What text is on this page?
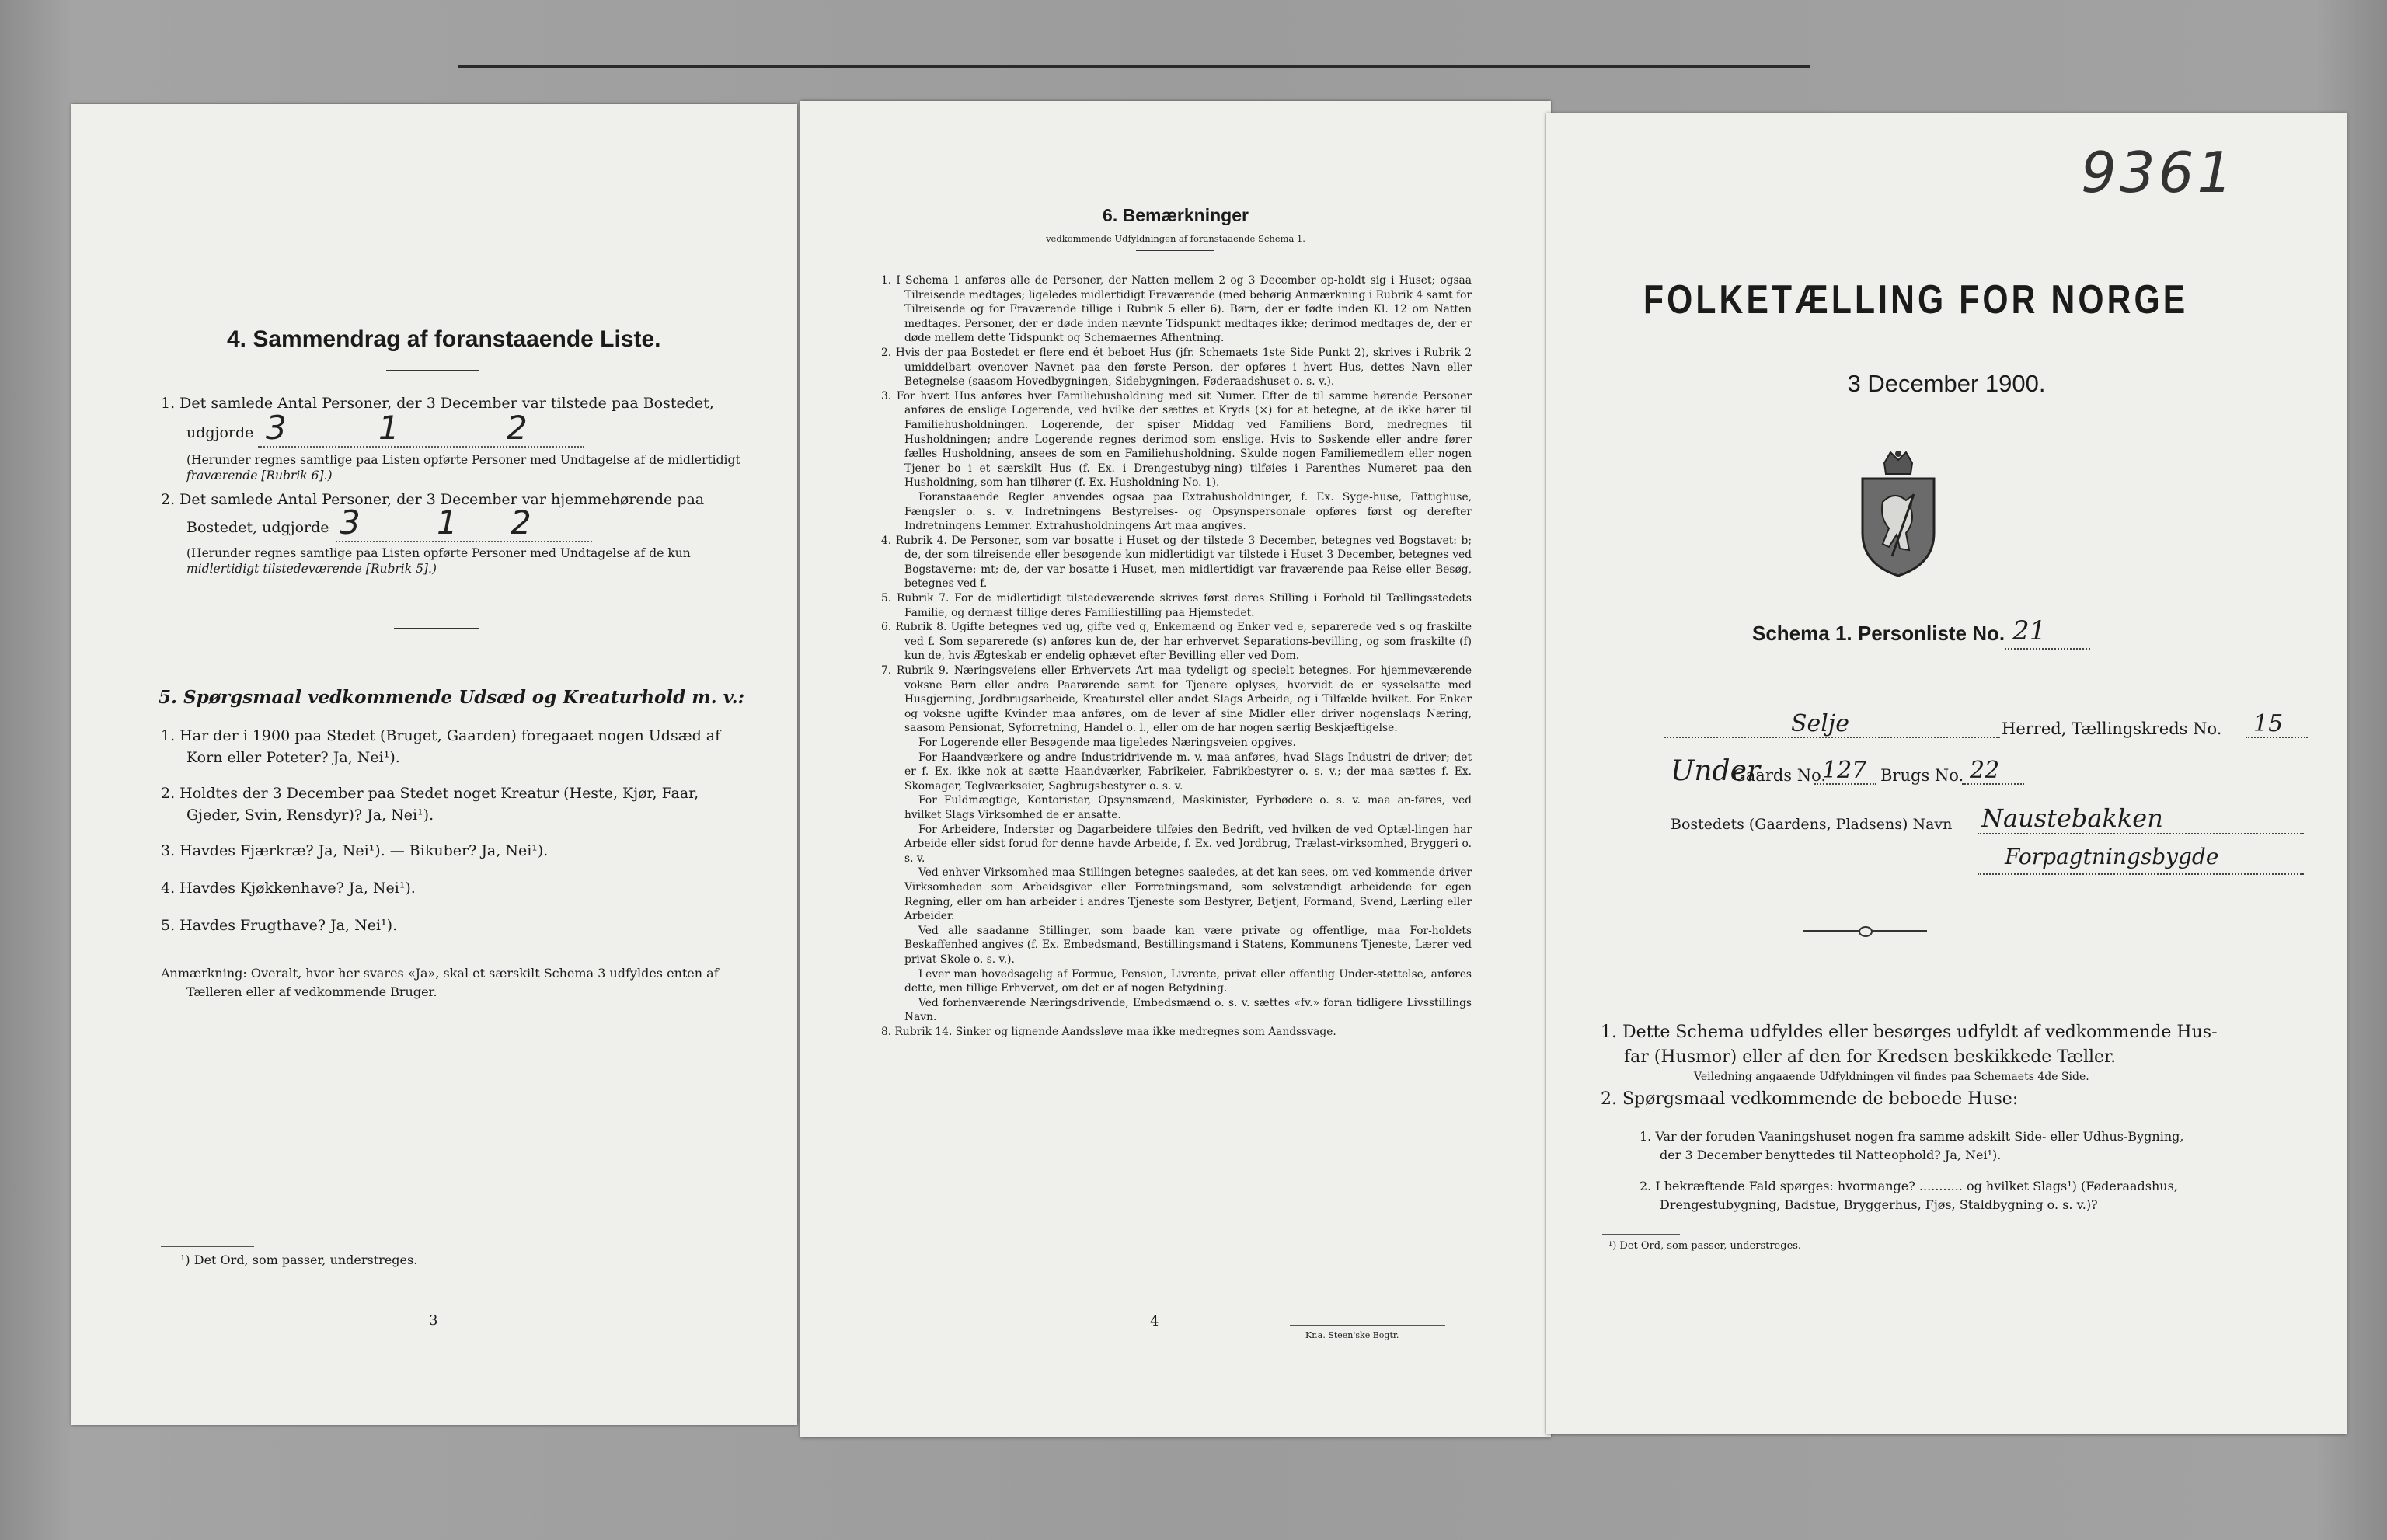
4. Sammendrag af foranstaaende Liste.
1. Det samlede Antal Personer, der 3 December var tilstede paa Bostedet,
udgjorde 3	1	2
(Herunder regnes samtlige paa Listen opførte Personer med Undtagelse af de midlertidigt
fraværende [Rubrik 6].)
2. Det samlede Antal Personer, der 3 December var hjemmehørende paa
Bostedet, udgjorde 3 1 2
(Herunder regnes samtlige paa Listen opførte Personer med Undtagelse af de kun
midlertidigt tilstedeværende [Rubrik 5].)
5. Spørgsmaal vedkommende Udsæd og Kreaturhold m. v.:
1. Har der i 1900 paa Stedet (Bruget, Gaarden) foregaaet nogen Udsæd af
Korn eller Poteter? Ja, Nei¹).
2. Holdtes der 3 December paa Stedet noget Kreatur (Heste, Kjør, Faar,
Gjeder, Svin, Rensdyr)? Ja, Nei¹).
3. Havdes Fjærkræ? Ja, Nei¹). — Bikuber? Ja, Nei¹).
4. Havdes Kjøkkenhave? Ja, Nei¹).
5. Havdes Frugthave? Ja, Nei¹).
Anmærkning: Overalt, hvor her svares «Ja», skal et særskilt Schema 3 udfyldes enten af
Tælleren eller af vedkommende Bruger.
¹) Det Ord, som passer, understreges.
3
6. Bemærkninger
vedkommende Udfyldningen af foranstaaende Schema 1.

1. I Schema 1 anføres alle de Personer, der Natten mellem 2 og 3 December op-holdt sig i Huset; ogsaa Tilreisende medtages; ligeledes midlertidigt Fraværende (med behørig Anmærkning i Rubrik 4 samt for Tilreisende og for Fraværende tillige i Rubrik 5 eller 6). Børn, der er fødte inden Kl. 12 om Natten medtages. Personer, der er døde inden nævnte Tidspunkt medtages ikke; derimod medtages de, der er døde mellem dette Tidspunkt og Schemaernes Afhentning.

2. Hvis der paa Bostedet er flere end ét beboet Hus (jfr. Schemaets 1ste Side Punkt 2), skrives i Rubrik 2 umiddelbart ovenover Navnet paa den første Person, der opføres i hvert Hus, dettes Navn eller Betegnelse (saasom Hovedbygningen, Sidebygningen, Føderaadshuset o. s. v.).

3. For hvert Hus anføres hver Familiehusholdning med sit Numer. Efter de til samme hørende Personer anføres de enslige Logerende, ved hvilke der sættes et Kryds (×) for at betegne, at de ikke hører til Familiehusholdningen. Logerende, der spiser Middag ved Familiens Bord, medregnes til Husholdningen; andre Logerende regnes derimod som enslige. Hvis to Søskende eller andre fører fælles Husholdning, ansees de som en Familiehusholdning. Skulde nogen Familiemedlem eller nogen Tjener bo i et særskilt Hus (f. Ex. i Drengestubyg-ning) tilføies i Parenthes Numeret paa den Husholdning, som han tilhører (f. Ex. Husholdning No. 1).

Foranstaaende Regler anvendes ogsaa paa Extrahusholdninger, f. Ex. Syge-huse, Fattighuse, Fængsler o. s. v. Indretningens Bestyrelses- og Opsynspersonale opføres først og derefter Indretningens Lemmer. Extrahusholdningens Art maa angives.

4. Rubrik 4. De Personer, som var bosatte i Huset og der tilstede 3 December, betegnes ved Bogstavet: b; de, der som tilreisende eller besøgende kun midlertidigt var tilstede i Huset 3 December, betegnes ved Bogstaverne: mt; de, der var bosatte i Huset, men midlertidigt var fraværende paa Reise eller Besøg, betegnes ved f.

5. Rubrik 7. For de midlertidigt tilstedeværende skrives først deres Stilling i Forhold til Tællingsstedets Familie, og dernæst tillige deres Familiestilling paa Hjemstedet.

6. Rubrik 8. Ugifte betegnes ved ug, gifte ved g, Enkemænd og Enker ved e, separerede ved s og fraskilte ved f. Som separerede (s) anføres kun de, der har erhvervet Separations-bevilling, og som fraskilte (f) kun de, hvis Ægteskab er endelig ophævet efter Bevilling eller ved Dom.

7. Rubrik 9. Næringsveiens eller Erhvervets Art maa tydeligt og specielt betegnes. For hjemmeværende voksne Børn eller andre Paarørende samt for Tjenere oplyses, hvorvidt de er sysselsatte med Husgjerning, Jordbrugsarbeide, Kreaturstel eller andet Slags Arbeide, og i Tilfælde hvilket. For Enker og voksne ugifte Kvinder maa anføres, om de lever af sine Midler eller driver nogenslags Næring, saasom Pensionat, Syforretning, Handel o. l., eller om de har nogen særlig Beskjæftigelse.

For Logerende eller Besøgende maa ligeledes Næringsveien opgives.

For Haandværkere og andre Industridrivende m. v. maa anføres, hvad Slags Industri de driver; det er f. Ex. ikke nok at sætte Haandværker, Fabrikeier, Fabrikbestyrer o. s. v.; der maa sættes f. Ex. Skomager, Teglværkseier, Sagbrugsbestyrer o. s. v.

For Fuldmægtige, Kontorister, Opsynsmænd, Maskinister, Fyrbødere o. s. v. maa an-føres, ved hvilket Slags Virksomhed de er ansatte.

For Arbeidere, Inderster og Dagarbeidere tilføies den Bedrift, ved hvilken de ved Optæl-lingen har Arbeide eller sidst forud for denne havde Arbeide, f. Ex. ved Jordbrug, Trælast-virksomhed, Bryggeri o. s. v.

Ved enhver Virksomhed maa Stillingen betegnes saaledes, at det kan sees, om ved-kommende driver Virksomheden som Arbeidsgiver eller Forretningsmand, som selvstændigt arbeidende for egen Regning, eller om han arbeider i andres Tjeneste som Bestyrer, Betjent, Formand, Svend, Lærling eller Arbeider.

Ved alle saadanne Stillinger, som baade kan være private og offentlige, maa For-holdets Beskaffenhed angives (f. Ex. Embedsmand, Bestillingsmand i Statens, Kommunens Tjeneste, Lærer ved privat Skole o. s. v.).

Lever man hovedsagelig af Formue, Pension, Livrente, privat eller offentlig Under-støttelse, anføres dette, men tillige Erhvervet, om det er af nogen Betydning.

Ved forhenværende Næringsdrivende, Embedsmænd o. s. v. sættes «fv.» foran tidligere Livsstillings Navn.

8. Rubrik 14. Sinker og lignende Aandssløve maa ikke medregnes som Aandssvage.

4
Kr.a. Steen'ske Bogtr.
9361
FOLKETÆLLING FOR NORGE
3 December 1900.
Schema 1. Personliste No. 21
Selje	Herred, Tællingskreds No. 15
Under
Gaards No.
127 Brugs No. 22
Bostedets (Gaardens, Pladsens) Navn Naustebakken
Forpagtningsbygde
1. Dette Schema udfyldes eller besørges udfyldt af vedkommende Hus-
far (Husmor) eller af den for Kredsen beskikkede Tæller.
Veiledning angaaende Udfyldningen vil findes paa Schemaets 4de Side.
2. Spørgsmaal vedkommende de beboede Huse:
1. Var der foruden Vaaningshuset nogen fra samme adskilt Side- eller Udhus-Bygning,
der 3 December benyttedes til Natteophold? Ja, Nei¹).
2. I bekræftende Fald spørges: hvormange? ........... og hvilket Slags¹) (Føderaadshus,
Drengestubygning, Badstue, Bryggerhus, Fjøs, Staldbygning o. s. v.)?
¹) Det Ord, som passer, understreges.
